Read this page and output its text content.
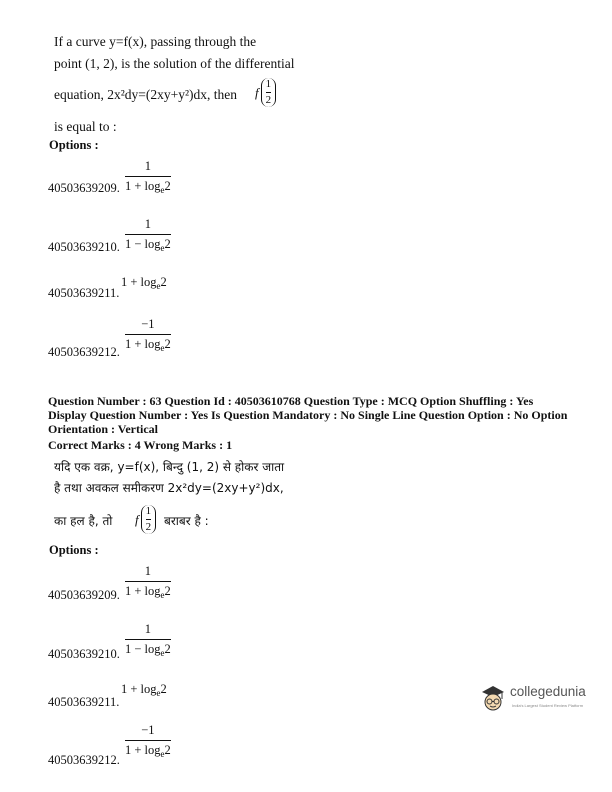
If a curve y=f(x), passing through the
point (1, 2), is the solution of the differential
equation, 2x²dy=(2xy+y²)dx, then f
1
2
is equal to :
Options :
40503639209.
1
$1 + \log_e2$
40503639210.
1
$1 - \log_e2$
40503639211.
$1 + \log_e2$
40503639212.
−1
$1 + \log_e2$
Question Number : 63 Question Id : 40503610768 Question Type : MCQ Option Shuffling : Yes
Display Question Number : Yes Is Question Mandatory : No Single Line Question Option : No Option
Orientation : Vertical
Correct Marks : 4 Wrong Marks : 1
यदि एक वक्र, y=f(x), बिन्दु (1, 2) से होकर जाता
है तथा अवकल समीकरण 2x²dy=(2xy+y²)dx,
का हल है, तो f
1
2 बराबर है :
Options :
40503639209.
1
$1 + \log_e2$
40503639210.
1
$1 - \log_e2$
40503639211.
$1 + \log_e2$
40503639212.
−1
$1 + \log_e2$
collegedunia
India's Largest Student Review Platform
